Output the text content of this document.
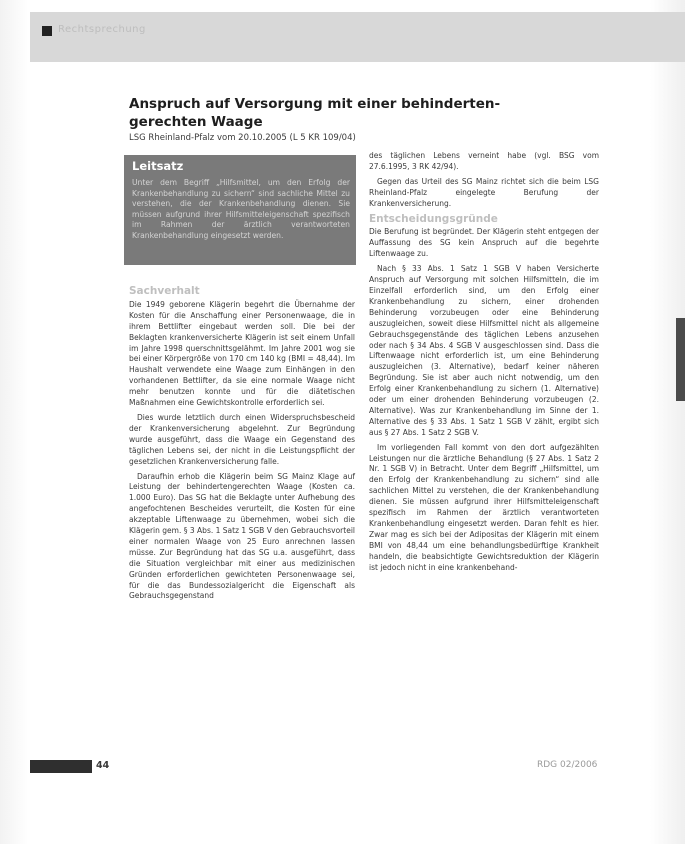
Rechtsprechung
Anspruch auf Versorgung mit einer behinderten-gerechten Waage
LSG Rheinland-Pfalz vom 20.10.2005 (L 5 KR 109/04)
Leitsatz
Unter dem Begriff „Hilfsmittel, um den Erfolg der Krankenbehandlung zu sichern“ sind sachliche Mittel zu verstehen, die der Krankenbehandlung dienen. Sie müssen aufgrund ihrer Hilfsmitteleigenschaft spezifisch im Rahmen der ärztlich verantworteten Krankenbehandlung eingesetzt werden.
Sachverhalt

Die 1949 geborene Klägerin begehrt die Übernahme der Kosten für die Anschaffung einer Personenwaage, die in ihrem Bettlifter eingebaut werden soll. Die bei der Beklagten krankenversicherte Klägerin ist seit einem Unfall im Jahre 1998 querschnittsgelähmt. Im Jahre 2001 wog sie bei einer Körpergröße von 170 cm 140 kg (BMI = 48,44). Im Haushalt verwendete eine Waage zum Einhängen in den vorhandenen Bettlifter, da sie eine normale Waage nicht mehr benutzen konnte und für die diätetischen Maßnahmen eine Gewichtskontrolle erforderlich sei.

Dies wurde letztlich durch einen Widerspruchsbescheid der Krankenversicherung abgelehnt. Zur Begründung wurde ausgeführt, dass die Waage ein Gegenstand des täglichen Lebens sei, der nicht in die Leistungspflicht der gesetzlichen Krankenversicherung falle.

Daraufhin erhob die Klägerin beim SG Mainz Klage auf Leistung der behindertengerechten Waage (Kosten ca. 1.000 Euro). Das SG hat die Beklagte unter Aufhebung des angefochtenen Bescheides verurteilt, die Kosten für eine akzeptable Liftenwaage zu übernehmen, wobei sich die Klägerin gem. § 3 Abs. 1 Satz 1 SGB V den Gebrauchsvorteil einer normalen Waage von 25 Euro anrechnen lassen müsse. Zur Begründung hat das SG u.a. ausgeführt, dass die Situation vergleichbar mit einer aus medizinischen Gründen erforderlichen gewichteten Personenwaage sei, für die das Bundessozialgericht die Eigenschaft als Gebrauchsgegenstand

des täglichen Lebens verneint habe (vgl. BSG vom 27.6.1995, 3 RK 42/94).

Gegen das Urteil des SG Mainz richtet sich die beim LSG Rheinland-Pfalz eingelegte Berufung der Krankenversicherung.

Entscheidungsgründe

Die Berufung ist begründet. Der Klägerin steht entgegen der Auffassung des SG kein Anspruch auf die begehrte Liftenwaage zu.

Nach § 33 Abs. 1 Satz 1 SGB V haben Versicherte Anspruch auf Versorgung mit solchen Hilfsmitteln, die im Einzelfall erforderlich sind, um den Erfolg einer Krankenbehandlung zu sichern, einer drohenden Behinderung vorzubeugen oder eine Behinderung auszugleichen, soweit diese Hilfsmittel nicht als allgemeine Gebrauchsgegenstände des täglichen Lebens anzusehen oder nach § 34 Abs. 4 SGB V ausgeschlossen sind. Dass die Liftenwaage nicht erforderlich ist, um eine Behinderung auszugleichen (3. Alternative), bedarf keiner näheren Begründung. Sie ist aber auch nicht notwendig, um den Erfolg einer Krankenbehandlung zu sichern (1. Alternative) oder um einer drohenden Behinderung vorzubeugen (2. Alternative). Was zur Krankenbehandlung im Sinne der 1. Alternative des § 33 Abs. 1 Satz 1 SGB V zählt, ergibt sich aus § 27 Abs. 1 Satz 2 SGB V.

Im vorliegenden Fall kommt von den dort aufgezählten Leistungen nur die ärztliche Behandlung (§ 27 Abs. 1 Satz 2 Nr. 1 SGB V) in Betracht. Unter dem Begriff „Hilfsmittel, um den Erfolg der Krankenbehandlung zu sichern“ sind alle sachlichen Mittel zu verstehen, die der Krankenbehandlung dienen. Sie müssen aufgrund ihrer Hilfsmitteleigenschaft spezifisch im Rahmen der ärztlich verantworteten Krankenbehandlung eingesetzt werden. Daran fehlt es hier. Zwar mag es sich bei der Adipositas der Klägerin mit einem BMI von 48,44 um eine behandlungsbedürftige Krankheit handeln, die beabsichtigte Gewichtsreduktion der Klägerin ist jedoch nicht in eine krankenbehand-

44	RDG 02/2006
